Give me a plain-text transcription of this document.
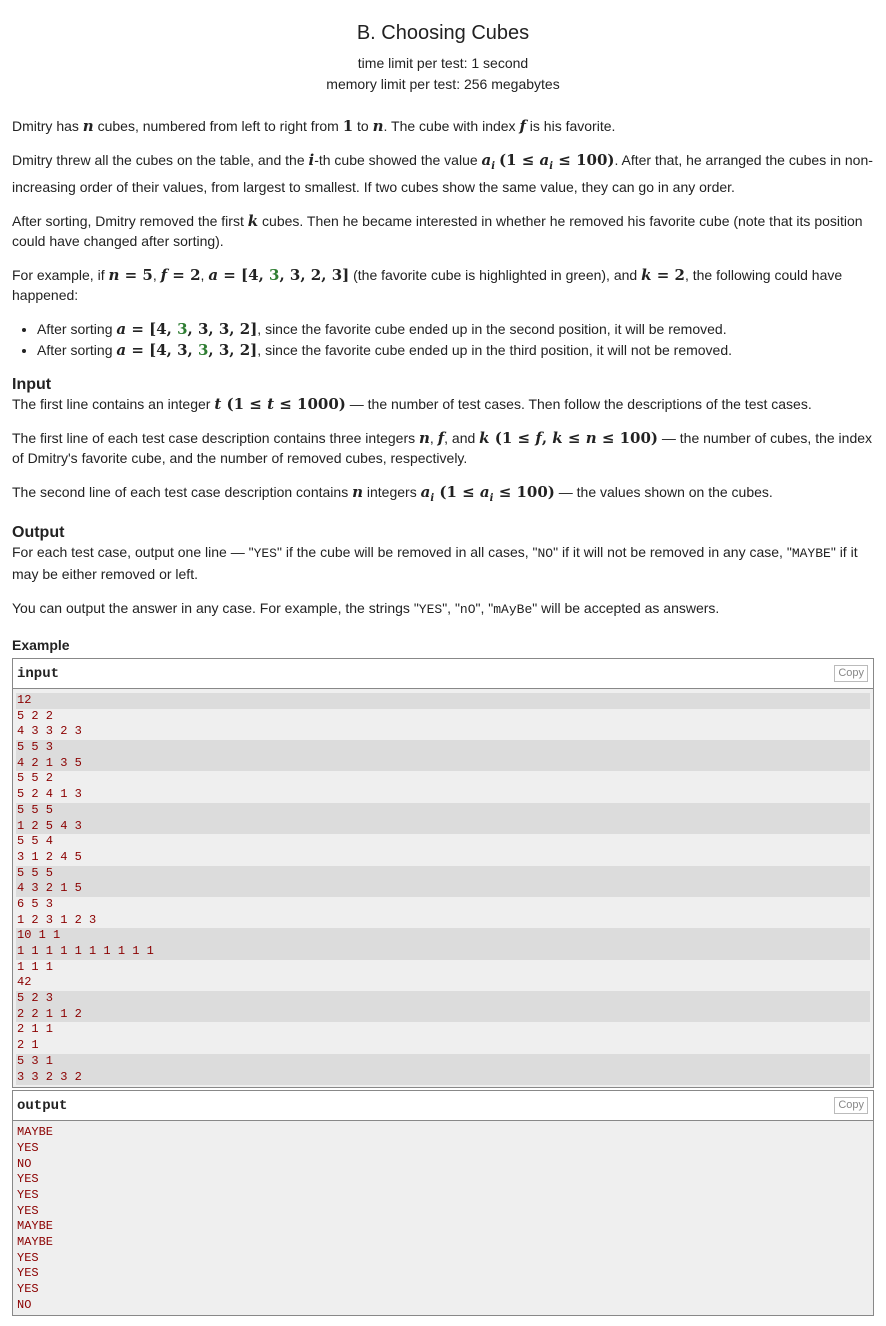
B. Choosing Cubes
time limit per test: 1 second
memory limit per test: 256 megabytes

Dmitry has n cubes, numbered from left to right from 1 to n. The cube with index f is his favorite.

Dmitry threw all the cubes on the table, and the i-th cube showed the value $a_i$ $(1 \le a_i \le 100)$. After that, he arranged the cubes in non-increasing order of their values, from largest to smallest. If two cubes show the same value, they can go in any order.

After sorting, Dmitry removed the first k cubes. Then he became interested in whether he removed his favorite cube (note that its position could have changed after sorting).

For example, if n = 5, f = 2, a = [4, 3, 3, 2, 3] (the favorite cube is highlighted in green), and k = 2, the following could have happened:

• After sorting a = [4, 3, 3, 3, 2], since the favorite cube ended up in the second position, it will be removed.
• After sorting a = [4, 3, 3, 3, 2], since the favorite cube ended up in the third position, it will not be removed.
Input

The first line contains an integer t (1 ≤ t ≤ 1000) — the number of test cases. Then follow the descriptions of the test cases.

The first line of each test case description contains three integers n, f, and k (1 ≤ f, k ≤ n ≤ 100) — the number of cubes, the index of Dmitry's favorite cube, and the number of removed cubes, respectively.

The second line of each test case description contains n integers $a_i$ $(1 \le a_i \le 100)$ — the values shown on the cubes.

Output

For each test case, output one line — "YES" if the cube will be removed in all cases, "NO" if it will not be removed in any case, "MAYBE" if it may be either removed or left.

You can output the answer in any case. For example, the strings "YES", "nO", "mAyBe" will be accepted as answers.

Example
input	Copy
12
5 2 2
4 3 3 2 3
5 5 3
4 2 1 3 5
5 5 2
5 2 4 1 3
5 5 5
1 2 5 4 3
5 5 4
3 1 2 4 5
5 5 5
4 3 2 1 5
6 5 3
1 2 3 1 2 3
10 1 1
1 1 1 1 1 1 1 1 1 1
1 1 1
42
5 2 3
2 2 1 1 2
2 1 1
2 1
5 3 1
3 3 2 3 2
output	Copy
MAYBE
YES
NO
YES
YES
YES
MAYBE
MAYBE
YES
YES
YES
NO
